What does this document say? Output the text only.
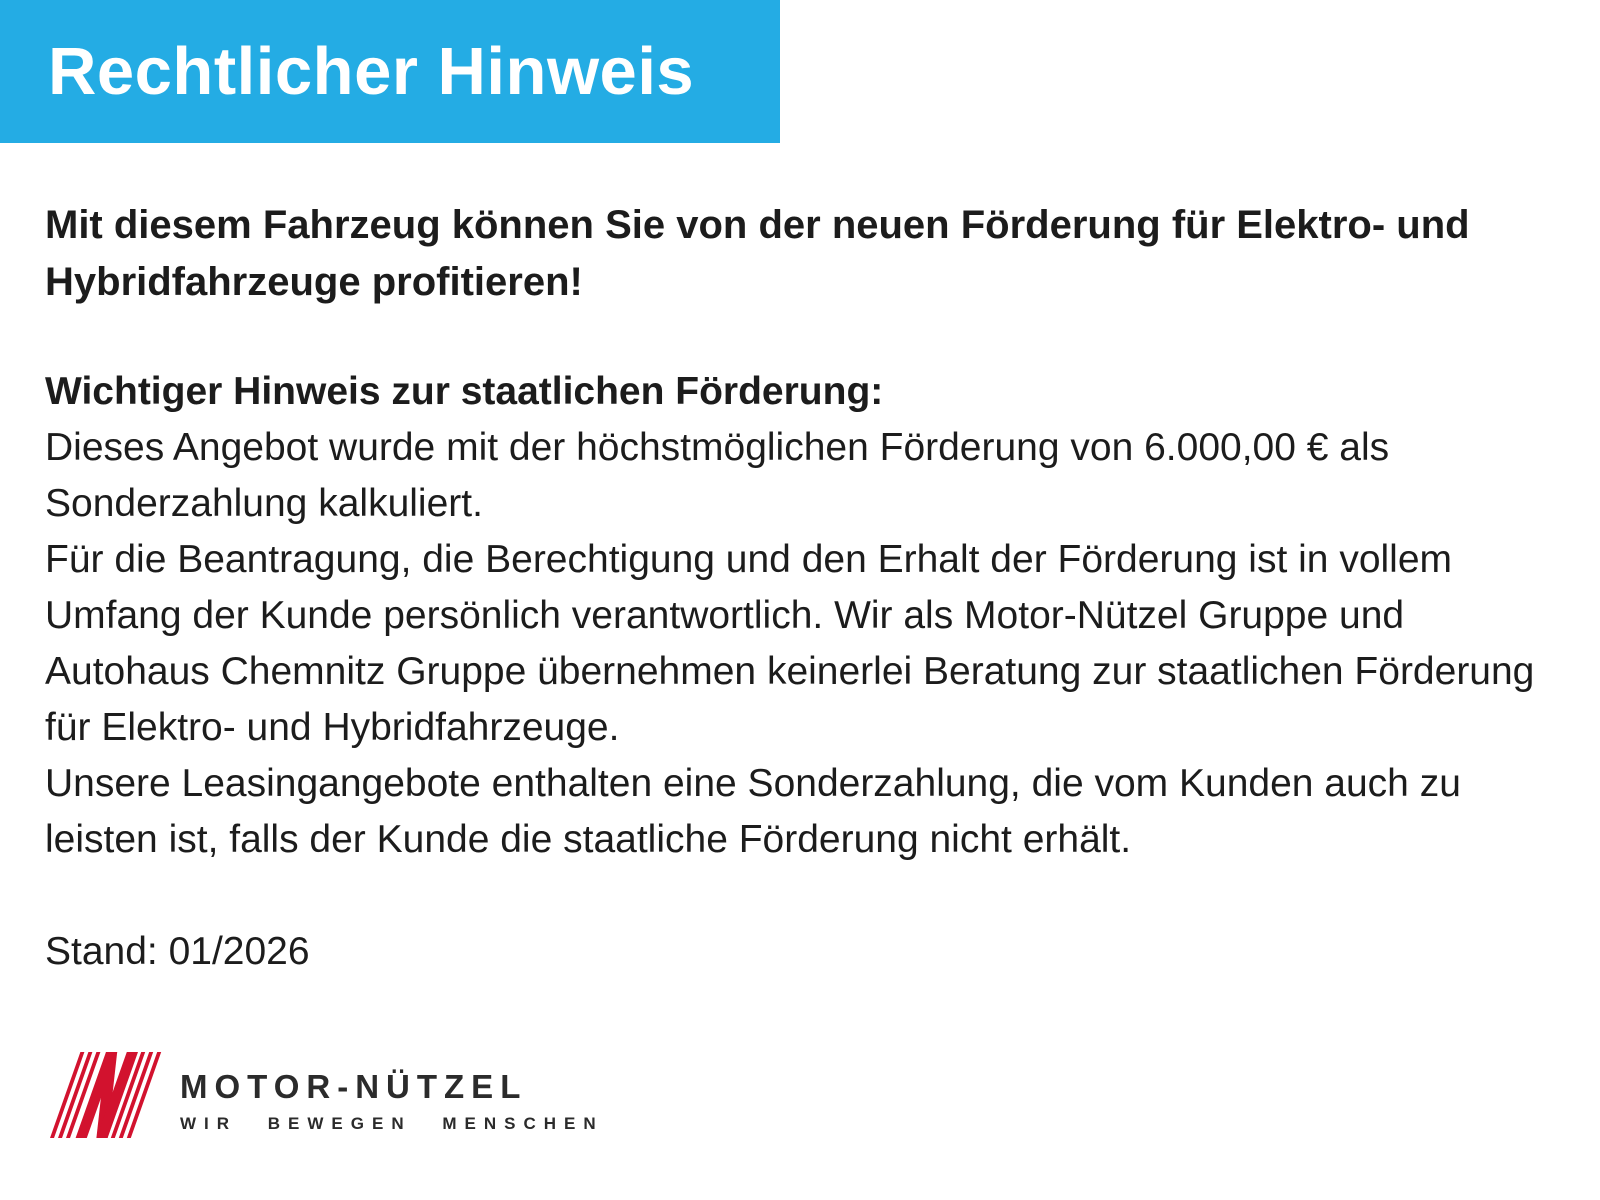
Rechtlicher Hinweis

Mit diesem Fahrzeug können Sie von der neuen Förderung für Elektro- und Hybridfahrzeuge profitieren!

Wichtiger Hinweis zur staatlichen Förderung:

Dieses Angebot wurde mit der höchstmöglichen Förderung von 6.000,00 € als Sonderzahlung kalkuliert.

Für die Beantragung, die Berechtigung und den Erhalt der Förderung ist in vollem Umfang der Kunde persönlich verantwortlich. Wir als Motor-Nützel Gruppe und Autohaus Chemnitz Gruppe übernehmen keinerlei Beratung zur staatlichen Förderung für Elektro- und Hybridfahrzeuge.

Unsere Leasingangebote enthalten eine Sonderzahlung, die vom Kunden auch zu leisten ist, falls der Kunde die staatliche Förderung nicht erhält.

Stand: 01/2026
MOTOR-NÜTZEL
WIR BEWEGEN MENSCHEN
